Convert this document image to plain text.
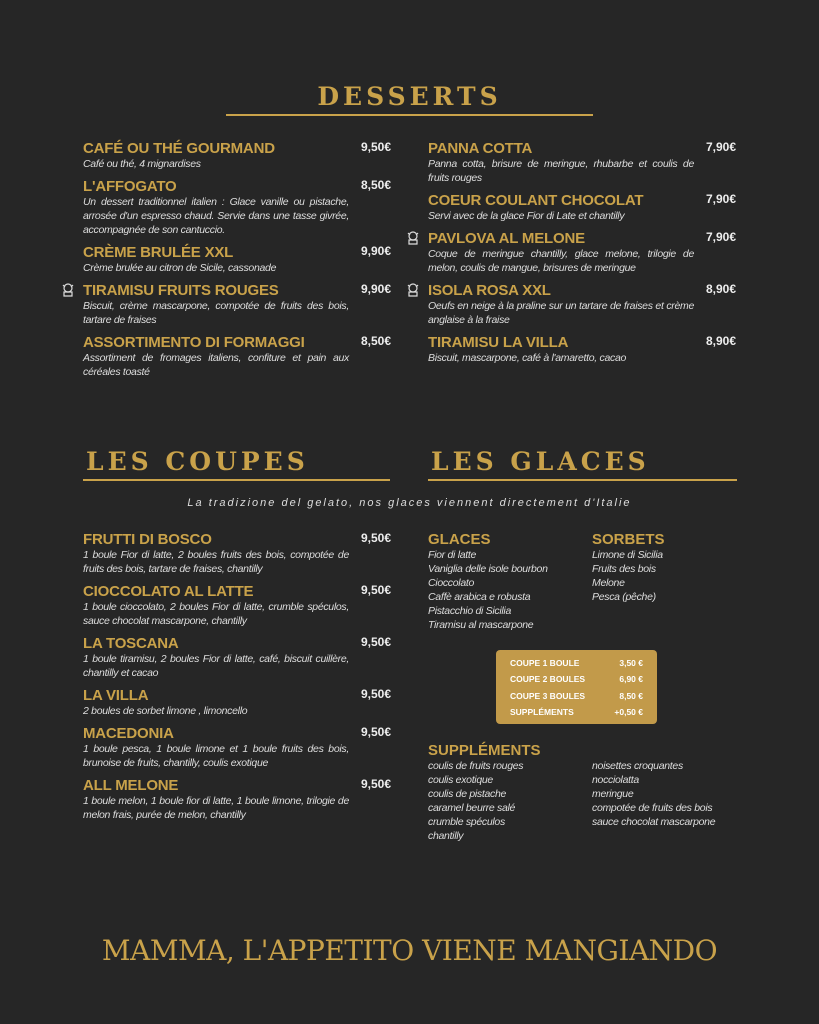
DESSERTS
CAFÉ OU THÉ GOURMAND	9,50€
Café ou thé, 4 mignardises
L'AFFOGATO	8,50€
Un dessert traditionnel italien : Glace vanille ou pistache, arrosée d'un espresso chaud. Servie dans une tasse givrée, accompagnée de son cantuccio.
CRÈME BRULÉE XXL	9,90€
Crème brulée au citron de Sicile, cassonade
TIRAMISU FRUITS ROUGES	9,90€
Biscuit, crème mascarpone, compotée de fruits des bois, tartare de fraises
ASSORTIMENTO DI FORMAGGI	8,50€
Assortiment de fromages italiens, confiture et pain aux céréales toasté
PANNA COTTA	7,90€
Panna cotta, brisure de meringue, rhubarbe et coulis de fruits rouges
COEUR COULANT CHOCOLAT	7,90€
Servi avec de la glace Fior di Late et chantilly
PAVLOVA AL MELONE	7,90€
Coque de meringue chantilly, glace melone, trilogie de melon, coulis de mangue, brisures de meringue
ISOLA ROSA XXL	8,90€
Oeufs en neige à la praline sur un tartare de fraises et crème anglaise à la fraise
TIRAMISU LA VILLA	8,90€
Biscuit, mascarpone, café à l'amaretto, cacao
LES COUPES	LES GLACES
La tradizione del gelato, nos glaces viennent directement d'Italie
FRUTTI DI BOSCO	9,50€
1 boule Fior di latte, 2 boules fruits des bois, compotée de fruits des bois, tartare de fraises, chantilly
CIOCCOLATO AL LATTE	9,50€
1 boule cioccolato, 2 boules Fior di latte, crumble spéculos, sauce chocolat mascarpone, chantilly
LA TOSCANA	9,50€
1 boule tiramisu, 2 boules Fior di latte, café, biscuit cuillère, chantilly et cacao
LA VILLA	9,50€
2 boules de sorbet limone , limoncello
MACEDONIA	9,50€
1 boule pesca, 1 boule limone et 1 boule fruits des bois, brunoise de fruits, chantilly, coulis exotique
ALL MELONE	9,50€
1 boule melon, 1 boule fior di latte, 1 boule limone, trilogie de melon frais, purée de melon, chantilly
GLACES
Fior di latte
Vaniglia delle isole bourbon
Cioccolato
Caffè arabica e robusta
Pistacchio di Sicilia
Tiramisu al mascarpone
SORBETS
Limone di Sicilia
Fruits des bois
Melone
Pesca (pêche)
COUPE 1 BOULE	3,50 €
COUPE 2 BOULES	6,90 €
COUPE 3 BOULES	8,50 €
SUPPLÉMENTS	+0,50 €
SUPPLÉMENTS
coulis de fruits rouges
coulis exotique
coulis de pistache
caramel beurre salé
crumble spéculos
chantilly
noisettes croquantes
nocciolatta
meringue
compotée de fruits des bois
sauce chocolat mascarpone
MAMMA, L'APPETITO VIENE MANGIANDO
